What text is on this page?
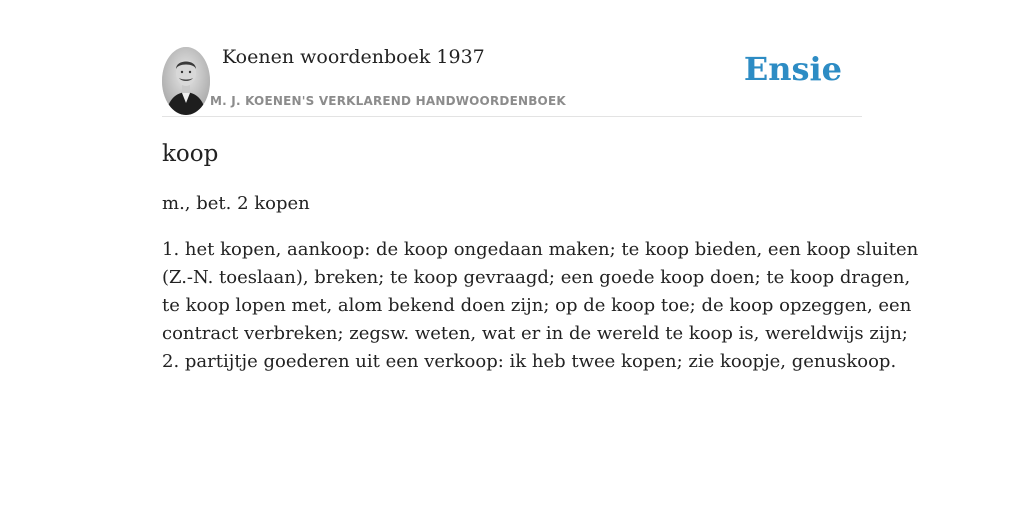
Koenen woordenboek 1937
M. J. KOENEN'S VERKLAREND HANDWOORDENBOEK
Ensie
koop

m., bet. 2 kopen

1. het kopen, aankoop: de koop ongedaan maken; te koop bieden, een koop sluiten
(Z.-N. toeslaan), breken; te koop gevraagd; een goede koop doen; te koop dragen,
te koop lopen met, alom bekend doen zijn; op de koop toe; de koop opzeggen, een
contract verbreken; zegsw. weten, wat er in de wereld te koop is, wereldwijs zijn;
2. partijtje goederen uit een verkoop: ik heb twee kopen; zie koopje, genuskoop.
